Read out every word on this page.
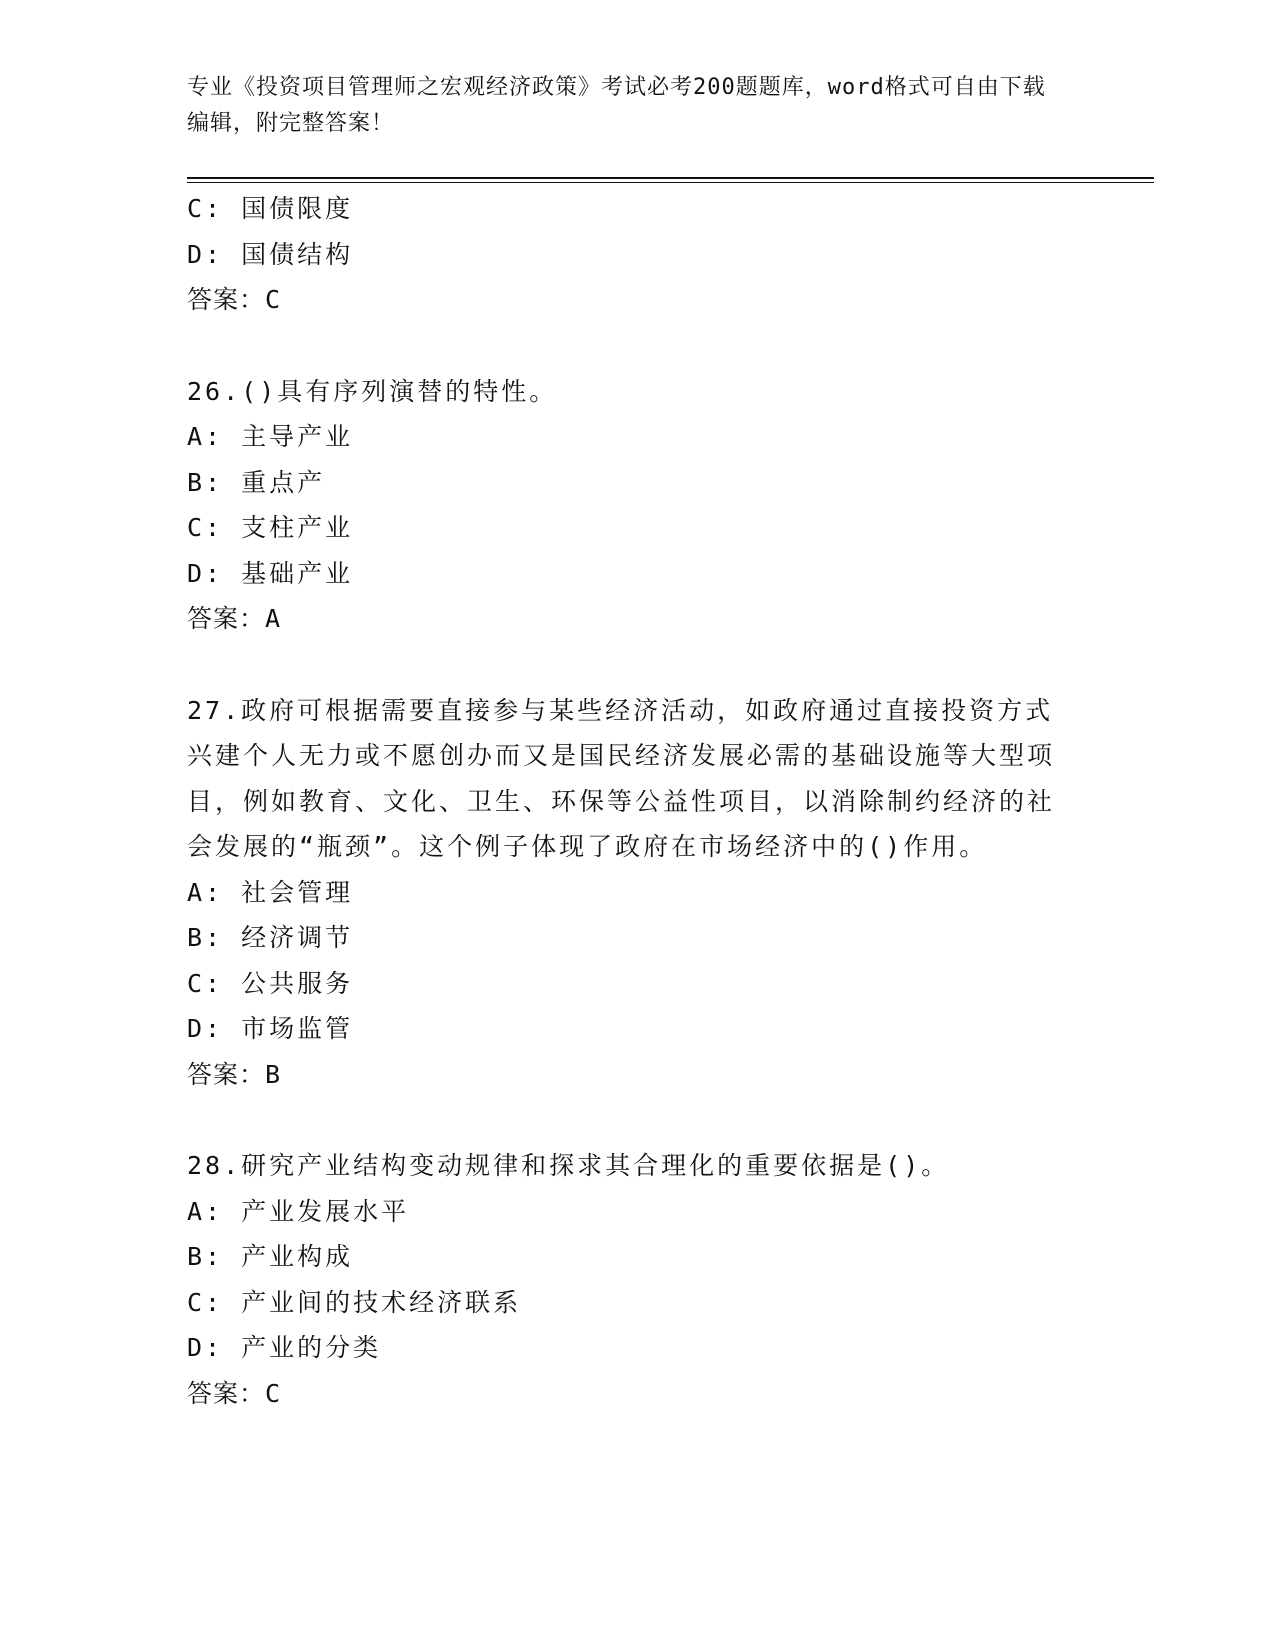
专业《投资项目管理师之宏观经济政策》考试必考200题题库，word格式可自由下载编辑，附完整答案！
C: 国债限度
D: 国债结构
答案：C
26.()具有序列演替的特性。
A: 主导产业
B: 重点产
C: 支柱产业
D: 基础产业
答案：A
27.政府可根据需要直接参与某些经济活动，如政府通过直接投资方式兴建个人无力或不愿创办而又是国民经济发展必需的基础设施等大型项目，例如教育、文化、卫生、环保等公益性项目，以消除制约经济的社会发展的“瓶颈”。这个例子体现了政府在市场经济中的()作用。
A: 社会管理
B: 经济调节
C: 公共服务
D: 市场监管
答案：B
28.研究产业结构变动规律和探求其合理化的重要依据是()。
A: 产业发展水平
B: 产业构成
C: 产业间的技术经济联系
D: 产业的分类
答案：C
